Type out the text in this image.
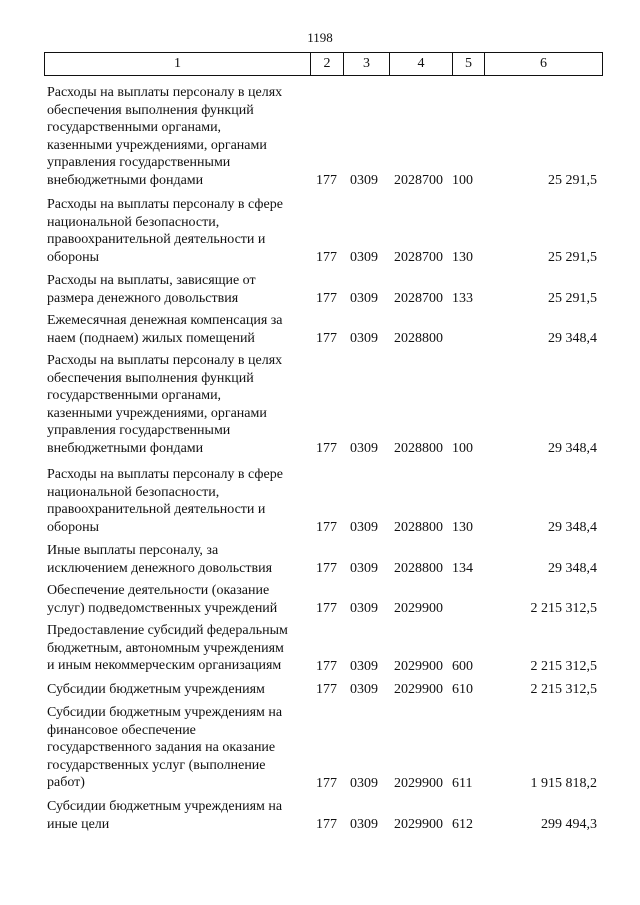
1198
1	2	3	4	5	6
Расходы на выплаты персоналу в целях
обеспечения выполнения функций
государственными органами,
казенными учреждениями, органами
управления государственными
внебюджетными фондами	177 0309 2028700 100	25 291,5
Расходы на выплаты персоналу в сфере
национальной безопасности,
правоохранительной деятельности и
обороны	177 0309 2028700 130	25 291,5
Расходы на выплаты, зависящие от
размера денежного довольствия	177 0309 2028700 133	25 291,5
Ежемесячная денежная компенсация за
наем (поднаем) жилых помещений	177 0309 2028800	29 348,4
Расходы на выплаты персоналу в целях
обеспечения выполнения функций
государственными органами,
казенными учреждениями, органами
управления государственными
внебюджетными фондами	177 0309 2028800 100	29 348,4
Расходы на выплаты персоналу в сфере
национальной безопасности,
правоохранительной деятельности и
обороны	177 0309 2028800 130	29 348,4
Иные выплаты персоналу, за
исключением денежного довольствия	177 0309 2028800 134	29 348,4
Обеспечение деятельности (оказание
услуг) подведомственных учреждений	177 0309 2029900	2 215 312,5
Предоставление субсидий федеральным
бюджетным, автономным учреждениям
и иным некоммерческим организациям	177 0309 2029900 600	2 215 312,5
Субсидии бюджетным учреждениям	177 0309 2029900 610	2 215 312,5
Субсидии бюджетным учреждениям на
финансовое обеспечение
государственного задания на оказание
государственных услуг (выполнение
работ)	177 0309 2029900 611	1 915 818,2
Субсидии бюджетным учреждениям на
иные цели	177 0309 2029900 612	299 494,3
